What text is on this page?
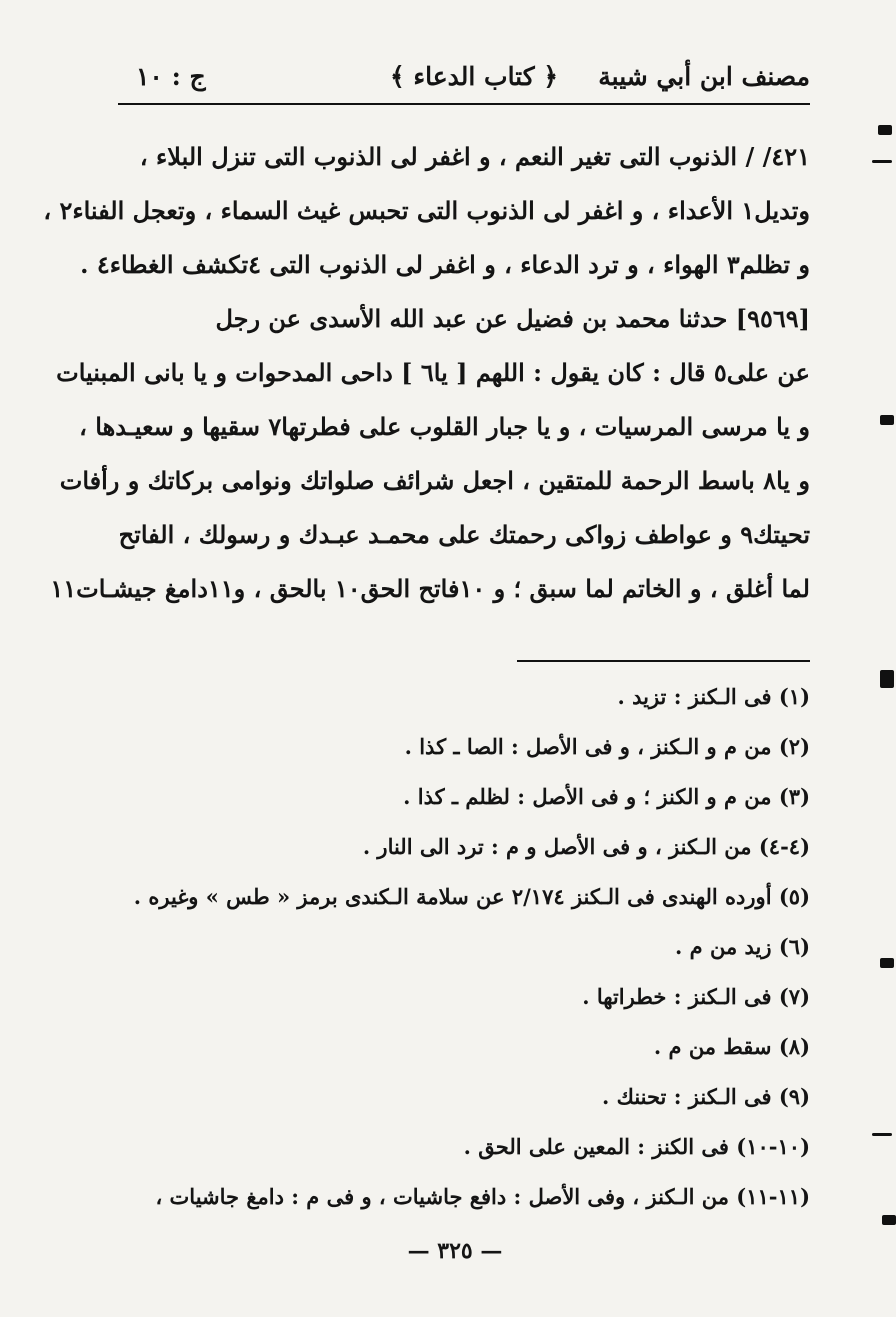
ج : ١٠	﴿ كتاب الدعاء ﴾ مصنف ابن أبي شيبة
٤٢١/ / الذنوب التى تغير النعم ، و اغفر لى الذنوب التى تنزل البلاء ،
وتديل١ الأعداء ، و اغفر لى الذنوب التى تحبس غيث السماء ، وتعجل الفناء٢ ،
و تظلم٣ الهواء ، و ترد الدعاء ، و اغفر لى الذنوب التى ٤تكشف الغطاء٤ .
[٩٥٦٩] حدثنا محمد بن فضيل عن عبد الله الأسدى عن رجل
عن على٥ قال : كان يقول : اللهم [ يا٦ ] داحى المدحوات و يا بانى المبنيات
و يا مرسى المرسيات ، و يا جبار القلوب على فطرتها٧ سقيها و سعيـدها ،
و يا٨ باسط الرحمة للمتقين ، اجعل شرائف صلواتك ونوامى بركاتك و رأفات
تحيتك٩ و عواطف زواكى رحمتك على محمـد عبـدك و رسولك ، الفاتح
لما أغلق ، و الخاتم لما سبق ؛ و ١٠فاتح الحق١٠ بالحق ، و١١دامغ جيشـات١١
(١) فى الـكنز : تزيد .
(٢) من م و الـكنز ، و فى الأصل : الصا ـ كذا .
(٣) من م و الكنز ؛ و فى الأصل : لظلم ـ كذا .
(٤-٤) من الـكنز ، و فى الأصل و م : ترد الى النار .
(٥) أورده الهندى فى الـكنز ٢/١٧٤ عن سلامة الـكندى برمز « طس » وغيره .
(٦) زيد من م .
(٧) فى الـكنز : خطراتها .
(٨) سقط من م .
(٩) فى الـكنز : تحننك .
(١٠-١٠) فى الكنز : المعين على الحق .
(١١-١١) من الـكنز ، وفى الأصل : دافع جاشيات ، و فى م : دامغ جاشيات ،
— ٣٢٥ —
